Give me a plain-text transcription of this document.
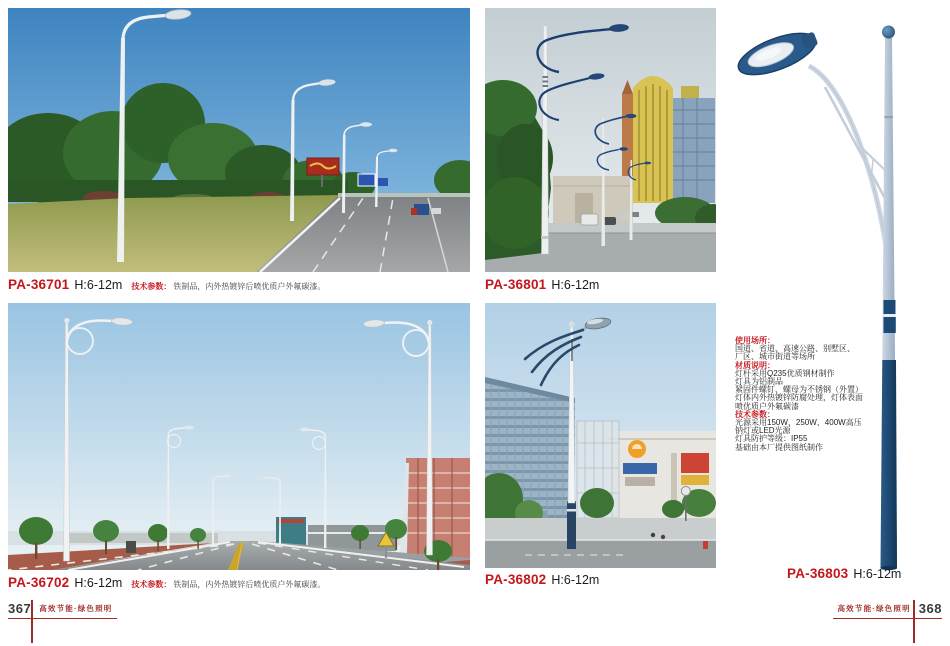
PA-36701 H:6-12m 技术参数： 铁制品，内外热镀锌后喷优质户外氟碳漆。	PA-36801 H:6-12m
PA-36702 H:6-12m 技术参数： 铁制品，内外热镀锌后喷优质户外氟碳漆。	PA-36802 H:6-12m	PA-36803 H:6-12m
使用场所：
国道、省道、高速公路、别墅区、
厂区、城市街道等场所
材质说明：
灯杆采用Q235优质钢材制作
灯具为铝制品
紧固件螺钉、螺母为不锈钢（外置）
灯体内外热镀锌防腐处理，灯体表面
喷优质户外氟碳漆
技术参数：
光源采用150W、250W、400W高压
钠灯或LED光源
灯具防护等级：IP55
基础由本厂提供图纸制作
367 高效节能·绿色照明	高效节能·绿色照明 368
